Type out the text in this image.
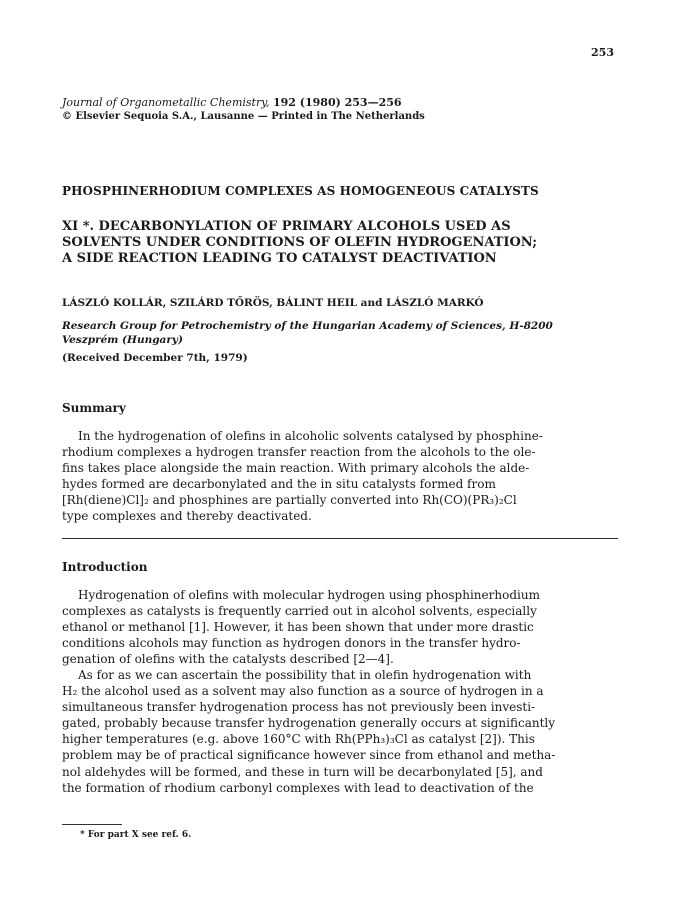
253
Journal of Organometallic Chemistry, 192 (1980) 253—256
© Elsevier Sequoia S.A., Lausanne — Printed in The Netherlands
PHOSPHINERHODIUM COMPLEXES AS HOMOGENEOUS CATALYSTS
XI *. DECARBONYLATION OF PRIMARY ALCOHOLS USED AS
SOLVENTS UNDER CONDITIONS OF OLEFIN HYDROGENATION;
A SIDE REACTION LEADING TO CATALYST DEACTIVATION
LÁSZLÓ KOLLÁR, SZILÁRD TŐRÖS, BÁLINT HEIL and LÁSZLÓ MARKÓ
Research Group for Petrochemistry of the Hungarian Academy of Sciences, H-8200
Veszprém (Hungary)
(Received December 7th, 1979)
Summary
In the hydrogenation of olefins in alcoholic solvents catalysed by phosphine-
rhodium complexes a hydrogen transfer reaction from the alcohols to the ole-
fins takes place alongside the main reaction. With primary alcohols the alde-
hydes formed are decarbonylated and the in situ catalysts formed from
[Rh(diene)Cl]₂ and phosphines are partially converted into Rh(CO)(PR₃)₂Cl
type complexes and thereby deactivated.
Introduction
Hydrogenation of olefins with molecular hydrogen using phosphinerhodium
complexes as catalysts is frequently carried out in alcohol solvents, especially
ethanol or methanol [1]. However, it has been shown that under more drastic
conditions alcohols may function as hydrogen donors in the transfer hydro-
genation of olefins with the catalysts described [2—4].
As for as we can ascertain the possibility that in olefin hydrogenation with
H₂ the alcohol used as a solvent may also function as a source of hydrogen in a
simultaneous transfer hydrogenation process has not previously been investi-
gated, probably because transfer hydrogenation generally occurs at significantly
higher temperatures (e.g. above 160°C with Rh(PPh₃)₃Cl as catalyst [2]). This
problem may be of practical significance however since from ethanol and metha-
nol aldehydes will be formed, and these in turn will be decarbonylated [5], and
the formation of rhodium carbonyl complexes with lead to deactivation of the
* For part X see ref. 6.
